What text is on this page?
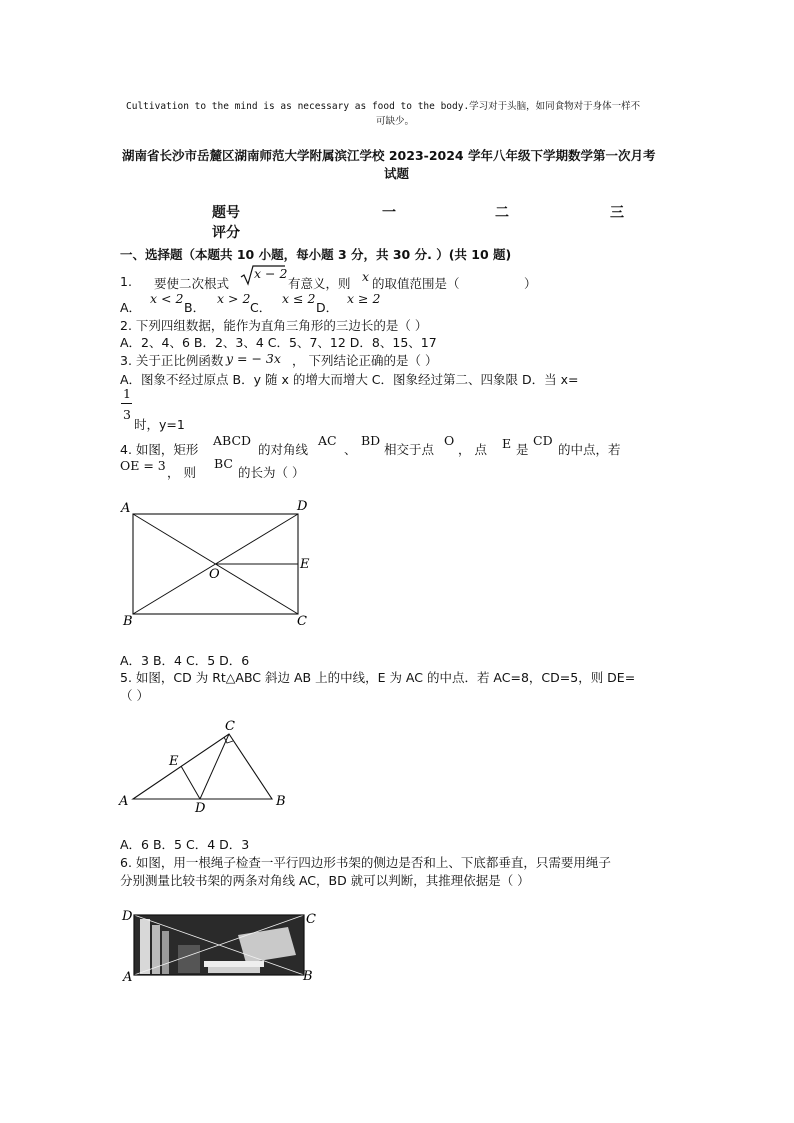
Cultivation to the mind is as necessary as food to the body.学习对于头脑，如同食物对于身体一样不
可缺少。
湖南省长沙市岳麓区湖南师范大学附属滨江学校 2023-2024 学年八年级下学期数学第一次月考
试题
题号	一	二	三
评分
一、选择题（本题共 10 小题，每小题 3 分，共 30 分. ）(共 10 题)
1. 要使二次根式
x − 2
有意义，则 x 的取值范围是（	）
A．
x < 2
B．
x > 2
C．
x ≤ 2
D．
x ≥ 2
2. 下列四组数据，能作为直角三角形的三边长的是（ ）
A．2、4、6 B．2、3、4 C．5、7、12 D．8、15、17
3. 关于正比例函数 y = − 3x ， 下列结论正确的是（ ）
A．图象不经过原点 B．y 随 x 的增大而增大 C．图象经过第二、四象限 D．当 x=
1
3
时，y=1
4. 如图，矩形
ABCD
的对角线
AC
、
BD
相交于点
O
， 点 E 是
CD
的中点，若
OE = 3 ， 则
BC
的长为（ ）
A	D
E
O
B	C
A．3 B．4 C．5 D．6
5. 如图，CD 为 Rt△ABC 斜边 AB 上的中线，E 为 AC 的中点．若 AC=8，CD=5，则 DE=
（ ）
C
E
A	D	B
A．6 B．5 C．4 D．3
6. 如图，用一根绳子检查一平行四边形书架的侧边是否和上、下底都垂直，只需要用绳子
分别测量比较书架的两条对角线 AC，BD 就可以判断，其推理依据是（ ）
D	C
A	B
